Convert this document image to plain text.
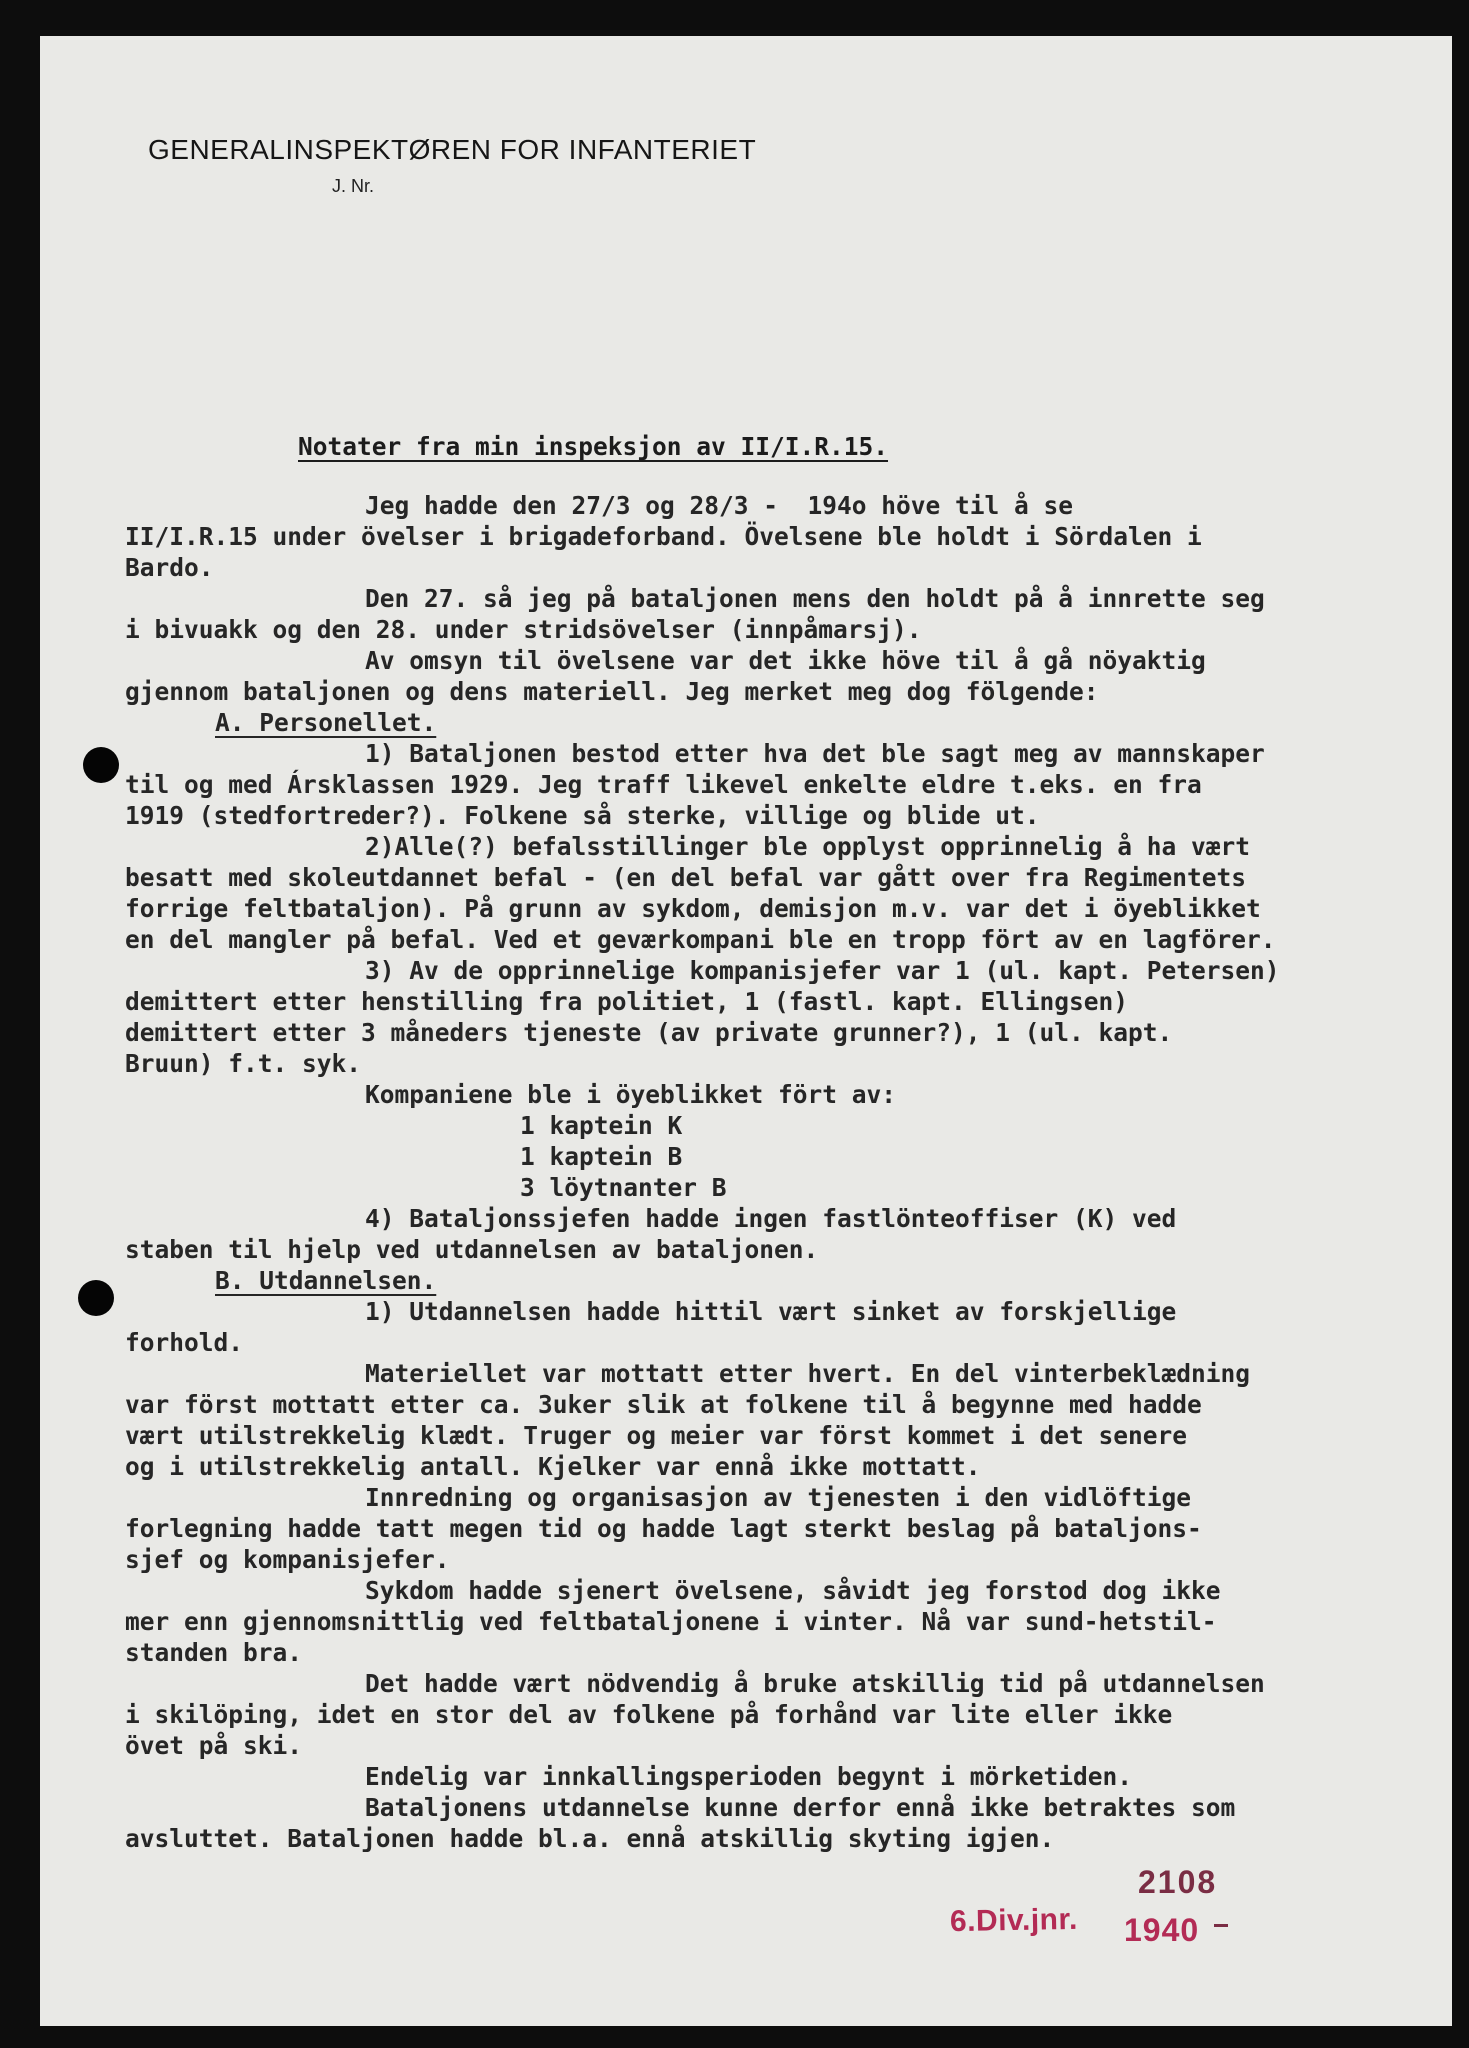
GENERALINSPEKTØREN FOR INFANTERIET
J. Nr.
Notater fra min inspeksjon av II/I.R.15.
Jeg hadde den 27/3 og 28/3 -  194o höve til å se
II/I.R.15 under övelser i brigadeforband. Övelsene ble holdt i Sördalen i
Bardo.
Den 27. så jeg på bataljonen mens den holdt på å innrette seg
i bivuakk og den 28. under stridsövelser (innpåmarsj).
Av omsyn til övelsene var det ikke höve til å gå nöyaktig
gjennom bataljonen og dens materiell. Jeg merket meg dog fölgende:
A. Personellet.
1) Bataljonen bestod etter hva det ble sagt meg av mannskaper
til og med Ársklassen 1929. Jeg traff likevel enkelte eldre t.eks. en fra
1919 (stedfortreder?). Folkene så sterke, villige og blide ut.
2)Alle(?) befalsstillinger ble opplyst opprinnelig å ha vært
besatt med skoleutdannet befal - (en del befal var gått over fra Regimentets
forrige feltbataljon). På grunn av sykdom, demisjon m.v. var det i öyeblikket
en del mangler på befal. Ved et geværkompani ble en tropp fört av en lagförer.
3) Av de opprinnelige kompanisjefer var 1 (ul. kapt. Petersen)
demittert etter henstilling fra politiet, 1 (fastl. kapt. Ellingsen)
demittert etter 3 måneders tjeneste (av private grunner?), 1 (ul. kapt.
Bruun) f.t. syk.
Kompaniene ble i öyeblikket fört av:
1 kaptein K
1 kaptein B
3 löytnanter B
4) Bataljonssjefen hadde ingen fastlönteoffiser (K) ved
staben til hjelp ved utdannelsen av bataljonen.
B. Utdannelsen.
1) Utdannelsen hadde hittil vært sinket av forskjellige
forhold.
Materiellet var mottatt etter hvert. En del vinterbeklædning
var först mottatt etter ca. 3uker slik at folkene til å begynne med hadde
vært utilstrekkelig klædt. Truger og meier var först kommet i det senere
og i utilstrekkelig antall. Kjelker var ennå ikke mottatt.
Innredning og organisasjon av tjenesten i den vidlöftige
forlegning hadde tatt megen tid og hadde lagt sterkt beslag på bataljons-
sjef og kompanisjefer.
Sykdom hadde sjenert övelsene, såvidt jeg forstod dog ikke
mer enn gjennomsnittlig ved feltbataljonene i vinter. Nå var sund-hetstil-
standen bra.
Det hadde vært nödvendig å bruke atskillig tid på utdannelsen
i skilöping, idet en stor del av folkene på forhånd var lite eller ikke
övet på ski.
Endelig var innkallingsperioden begynt i mörketiden.
Bataljonens utdannelse kunne derfor ennå ikke betraktes som
avsluttet. Bataljonen hadde bl.a. ennå atskillig skyting igjen.
2108
6.Div.jnr. 1940
